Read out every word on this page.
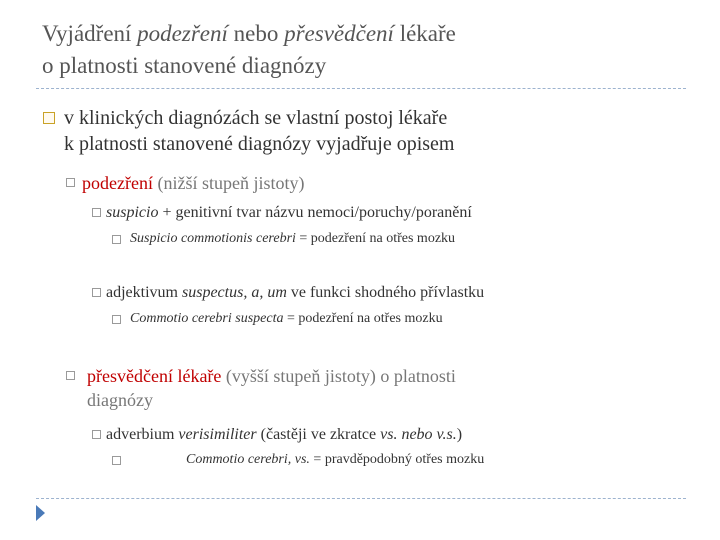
Vyjádření podezření nebo přesvědčení lékaře
o platnosti stanovené diagnózy
v klinických diagnózách se vlastní postoj lékaře
k platnosti stanovené diagnózy vyjadřuje opisem
podezření (nižší stupeň jistoty)
suspicio + genitivní tvar názvu nemoci/poruchy/poranění
Suspicio commotionis cerebri = podezření na otřes mozku
adjektivum suspectus, a, um ve funkci shodného přívlastku
Commotio cerebri suspecta = podezření na otřes mozku
přesvědčení lékaře (vyšší stupeň jistoty) o platnosti
diagnózy
adverbium verisimiliter (častěji ve zkratce vs. nebo v.s.)
Commotio cerebri, vs. = pravděpodobný otřes mozku
